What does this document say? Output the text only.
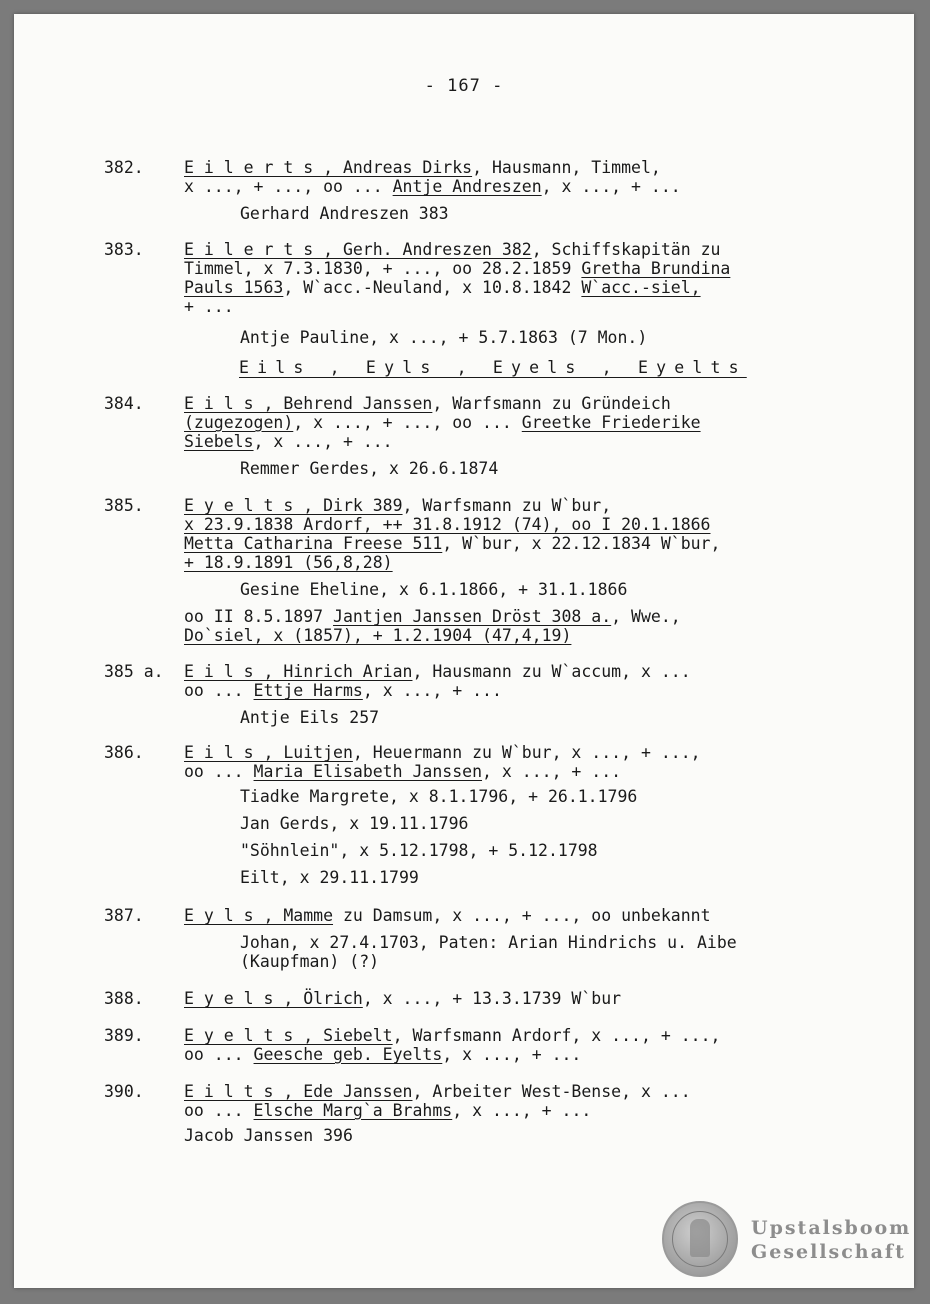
- 167 -
382. E i l e r t s , Andreas Dirks, Hausmann, Timmel,
x ..., + ..., oo ... Antje Andreszen, x ..., + ...
Gerhard Andreszen 383
383. E i l e r t s , Gerh. Andreszen 382, Schiffskapitän zu
Timmel, x 7.3.1830, + ..., oo 28.2.1859 Gretha Brundina
Pauls 1563, W`acc.-Neuland, x 10.8.1842 W`acc.-siel,
+ ...
Antje Pauline, x ..., + 5.7.1863 (7 Mon.)
Eils , Eyls , Eyels , Eyelts
384. E i l s , Behrend Janssen, Warfsmann zu Gründeich
(zugezogen), x ..., + ..., oo ... Greetke Friederike
Siebels, x ..., + ...
Remmer Gerdes, x 26.6.1874
385. E y e l t s , Dirk 389, Warfsmann zu W`bur,
x 23.9.1838 Ardorf, ++ 31.8.1912 (74), oo I 20.1.1866
Metta Catharina Freese 511, W`bur, x 22.12.1834 W`bur,
+ 18.9.1891 (56,8,28)
Gesine Eheline, x 6.1.1866, + 31.1.1866
oo II 8.5.1897 Jantjen Janssen Dröst 308 a., Wwe.,
Do`siel, x (1857), + 1.2.1904 (47,4,19)
385 a. E i l s , Hinrich Arian, Hausmann zu W`accum, x ...
oo ... Ettje Harms, x ..., + ...
Antje Eils 257
386. E i l s , Luitjen, Heuermann zu W`bur, x ..., + ...,
oo ... Maria Elisabeth Janssen, x ..., + ...
Tiadke Margrete, x 8.1.1796, + 26.1.1796
Jan Gerds, x 19.11.1796
"Söhnlein", x 5.12.1798, + 5.12.1798
Eilt, x 29.11.1799
387. E y l s , Mamme zu Damsum, x ..., + ..., oo unbekannt
Johan, x 27.4.1703, Paten: Arian Hindrichs u. Aibe
(Kaupfman) (?)
388. E y e l s , Ölrich, x ..., + 13.3.1739 W`bur
389. E y e l t s , Siebelt, Warfsmann Ardorf, x ..., + ...,
oo ... Geesche geb. Eyelts, x ..., + ...
390. E i l t s , Ede Janssen, Arbeiter West-Bense, x ...
oo ... Elsche Marg`a Brahms, x ..., + ...
Jacob Janssen 396
Upstalsboom
Gesellschaft
